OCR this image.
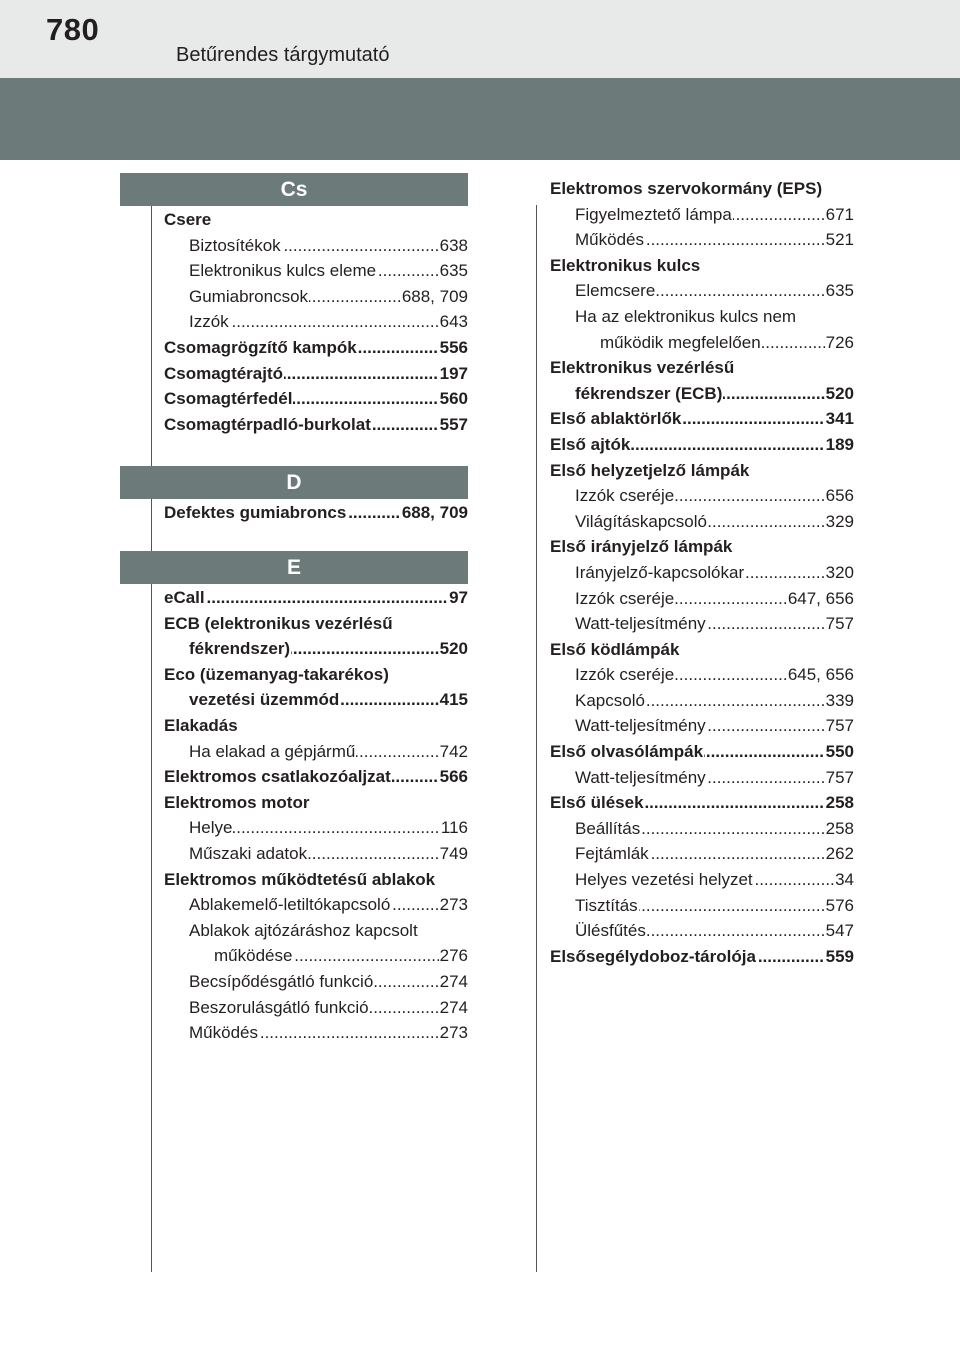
780
Betűrendes tárgymutató
Cs
Csere
Biztosítékok .....	638
Elektronikus kulcs eleme .....	635
Gumiabroncsok .....	688, 709
Izzók .....	643
Csomagrögzítő kampók .....	556
Csomagtérajtó .....	197
Csomagtérfedél .....	560
Csomagtérpadló-burkolat .....	557
D
Defektes gumiabroncs .....	688, 709
E
eCall .....	97
ECB (elektronikus vezérlésű
fékrendszer) .....	520
Eco (üzemanyag-takarékos)
vezetési üzemmód .....	415
Elakadás
Ha elakad a gépjármű .....	742
Elektromos csatlakozóaljzat .....	566
Elektromos motor
Helye .....	116
Műszaki adatok .....	749
Elektromos működtetésű ablakok
Ablakemelő-letiltókapcsoló .....	273
Ablakok ajtózáráshoz kapcsolt
működése .....	276
Becsípődésgátló funkció .....	274
Beszorulásgátló funkció .....	274
Működés .....	273
Elektromos szervokormány (EPS)
Figyelmeztető lámpa .....	671
Működés .....	521
Elektronikus kulcs
Elemcsere .....	635
Ha az elektronikus kulcs nem
működik megfelelően .....	726
Elektronikus vezérlésű
fékrendszer (ECB) .....	520
Első ablaktörlők .....	341
Első ajtók .....	189
Első helyzetjelző lámpák
Izzók cseréje .....	656
Világításkapcsoló .....	329
Első irányjelző lámpák
Irányjelző-kapcsolókar .....	320
Izzók cseréje .....	647, 656
Watt-teljesítmény .....	757
Első ködlámpák
Izzók cseréje .....	645, 656
Kapcsoló .....	339
Watt-teljesítmény .....	757
Első olvasólámpák .....	550
Watt-teljesítmény .....	757
Első ülések .....	258
Beállítás .....	258
Fejtámlák .....	262
Helyes vezetési helyzet .....	34
Tisztítás .....	576
Ülésfűtés .....	547
Elsősegélydoboz-tárolója .....	559
